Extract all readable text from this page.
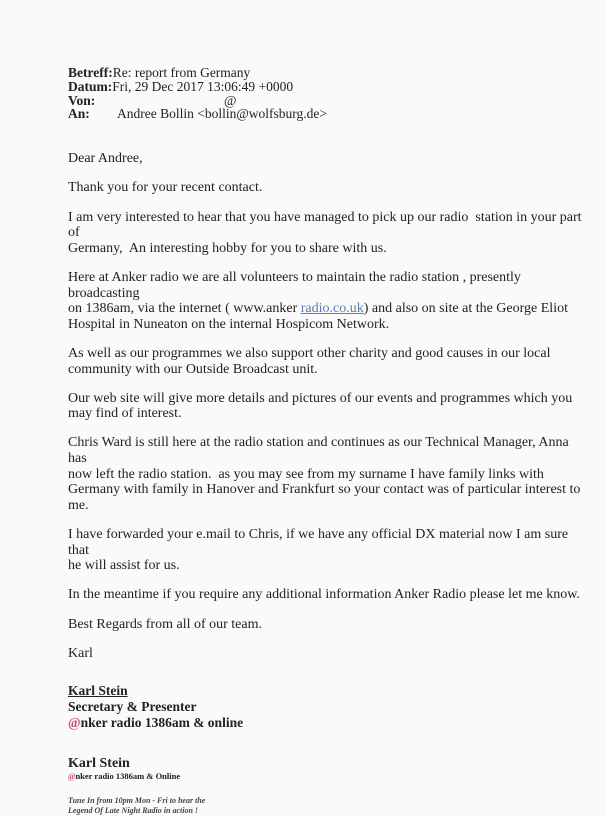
Betreff: Re: report from Germany
Datum: Fri, 29 Dec 2017 13:06:49 +0000
Von:	@
An:	Andree Bollin <bollin@wolfsburg.de>

Dear Andree,

Thank you for your recent contact.

I am very interested to hear that you have managed to pick up our radio  station in your part of
Germany,  An interesting hobby for you to share with us.

Here at Anker radio we are all volunteers to maintain the radio station , presently broadcasting
on 1386am, via the internet ( www.anker radio.co.uk) and also on site at the George Eliot
Hospital in Nuneaton on the internal Hospicom Network.

As well as our programmes we also support other charity and good causes in our local
community with our Outside Broadcast unit.

Our web site will give more details and pictures of our events and programmes which you
may find of interest.

Chris Ward is still here at the radio station and continues as our Technical Manager, Anna has
now left the radio station.  as you may see from my surname I have family links with
Germany with family in Hanover and Frankfurt so your contact was of particular interest to
me.

I have forwarded your e.mail to Chris, if we have any official DX material now I am sure that
he will assist for us.

In the meantime if you require any additional information Anker Radio please let me know.

Best Regards from all of our team.

Karl

Karl Stein
Secretary & Presenter
@nker radio 1386am & online
Karl Stein
@nker radio 1386am & Online
Tune In from 10pm Mon - Fri to hear the
Legend Of Late Night Radio in action !
